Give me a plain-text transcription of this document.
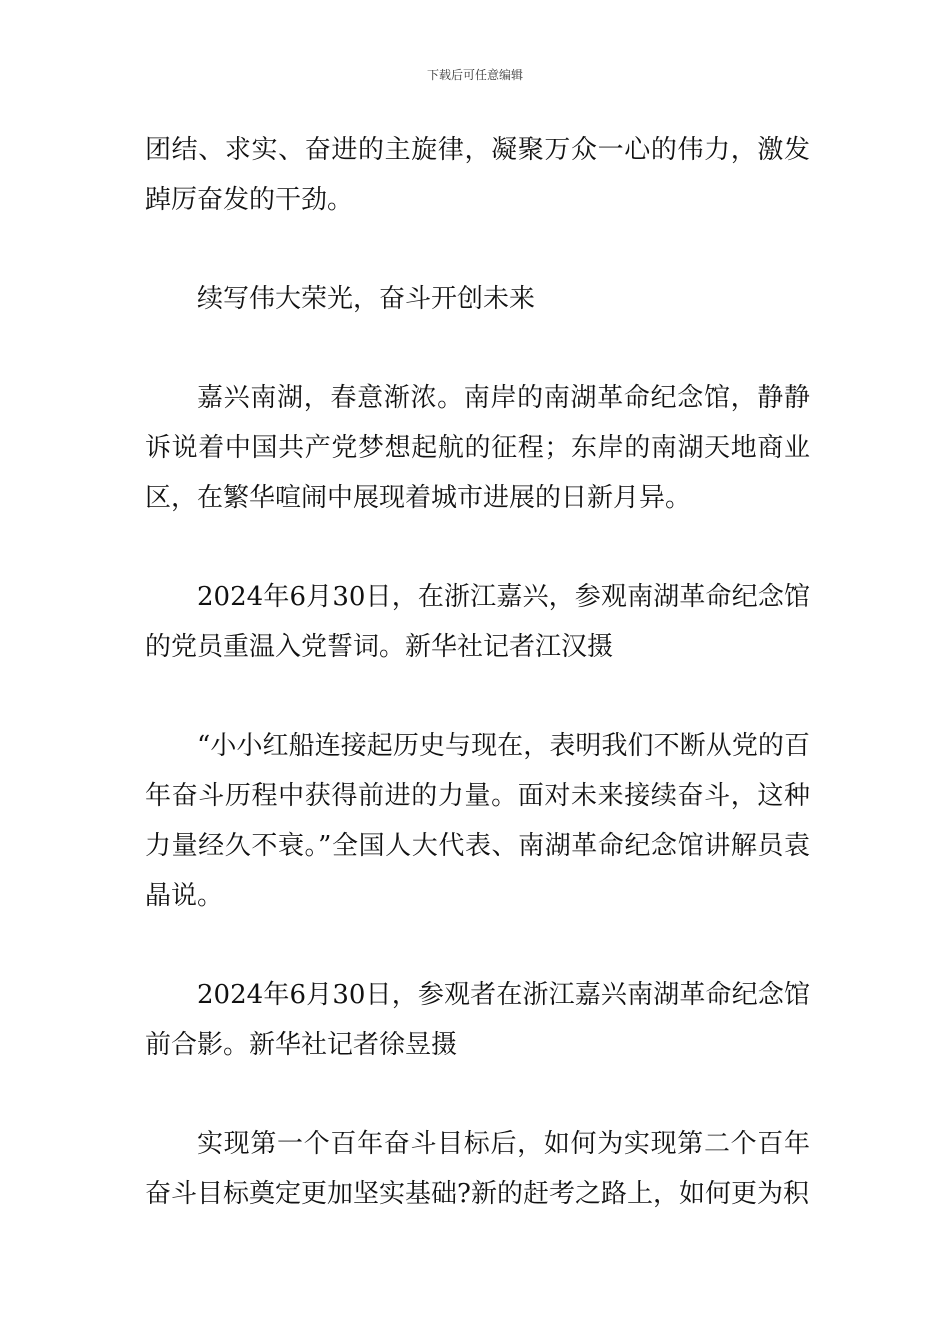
下载后可任意编辑

团结、求实、奋进的主旋律，凝聚万众一心的伟力，激发踔厉奋发的干劲。

续写伟大荣光，奋斗开创未来

嘉兴南湖，春意渐浓。南岸的南湖革命纪念馆，静静诉说着中国共产党梦想起航的征程；东岸的南湖天地商业区，在繁华喧闹中展现着城市进展的日新月异。

2024年6月30日，在浙江嘉兴，参观南湖革命纪念馆的党员重温入党誓词。新华社记者江汉摄

“小小红船连接起历史与现在，表明我们不断从党的百年奋斗历程中获得前进的力量。面对未来接续奋斗，这种力量经久不衰。”全国人大代表、南湖革命纪念馆讲解员袁晶说。

2024年6月30日，参观者在浙江嘉兴南湖革命纪念馆前合影。新华社记者徐昱摄

实现第一个百年奋斗目标后，如何为实现第二个百年奋斗目标奠定更加坚实基础?新的赶考之路上，如何更为积
